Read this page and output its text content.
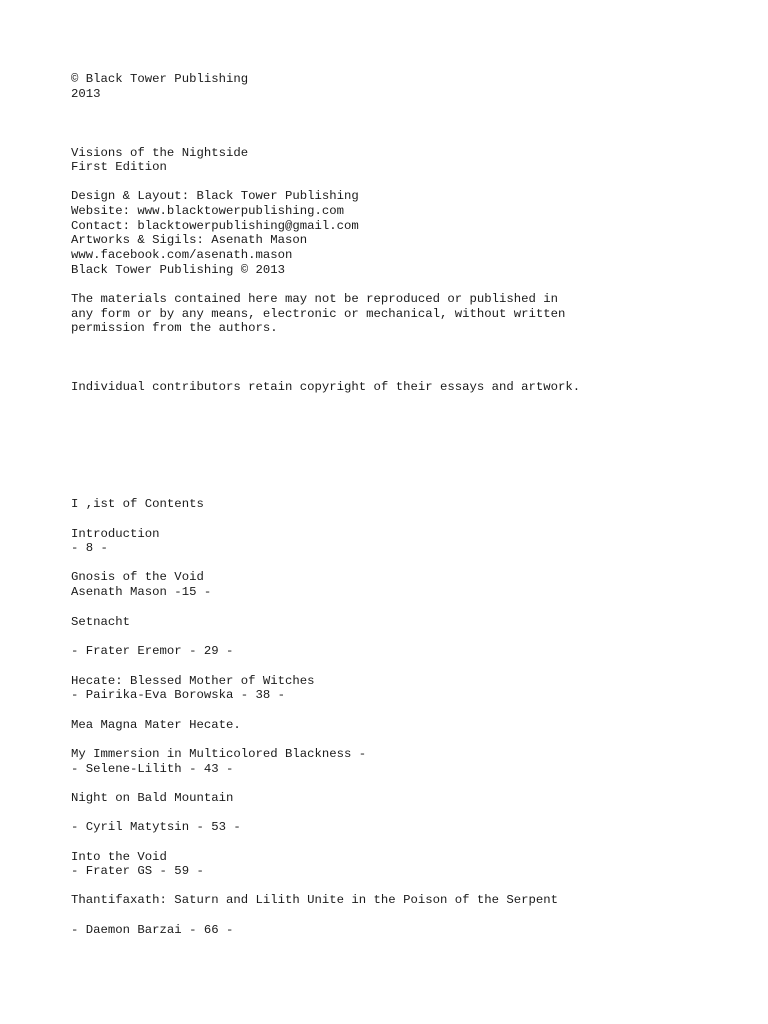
© Black Tower Publishing

2013

Visions of the Nightside

First Edition

Design & Layout: Black Tower Publishing

Website: www.blacktowerpublishing.com

Contact: blacktowerpublishing@gmail.com

Artworks & Sigils: Asenath Mason

www.facebook.com/asenath.mason

Black Tower Publishing © 2013

The materials contained here may not be reproduced or published in

any form or by any means, electronic or mechanical, without written

permission from the authors.

Individual contributors retain copyright of their essays and artwork.

I ,ist of Contents

Introduction

- 8 -

Gnosis of the Void

Asenath Mason -15 -

Setnacht

- Frater Eremor - 29 -

Hecate: Blessed Mother of Witches

- Pairika-Eva Borowska - 38 -

Mea Magna Mater Hecate.

My Immersion in Multicolored Blackness -

- Selene-Lilith - 43 -

Night on Bald Mountain

- Cyril Matytsin - 53 -

Into the Void

- Frater GS - 59 -

Thantifaxath: Saturn and Lilith Unite in the Poison of the Serpent

- Daemon Barzai - 66 -
